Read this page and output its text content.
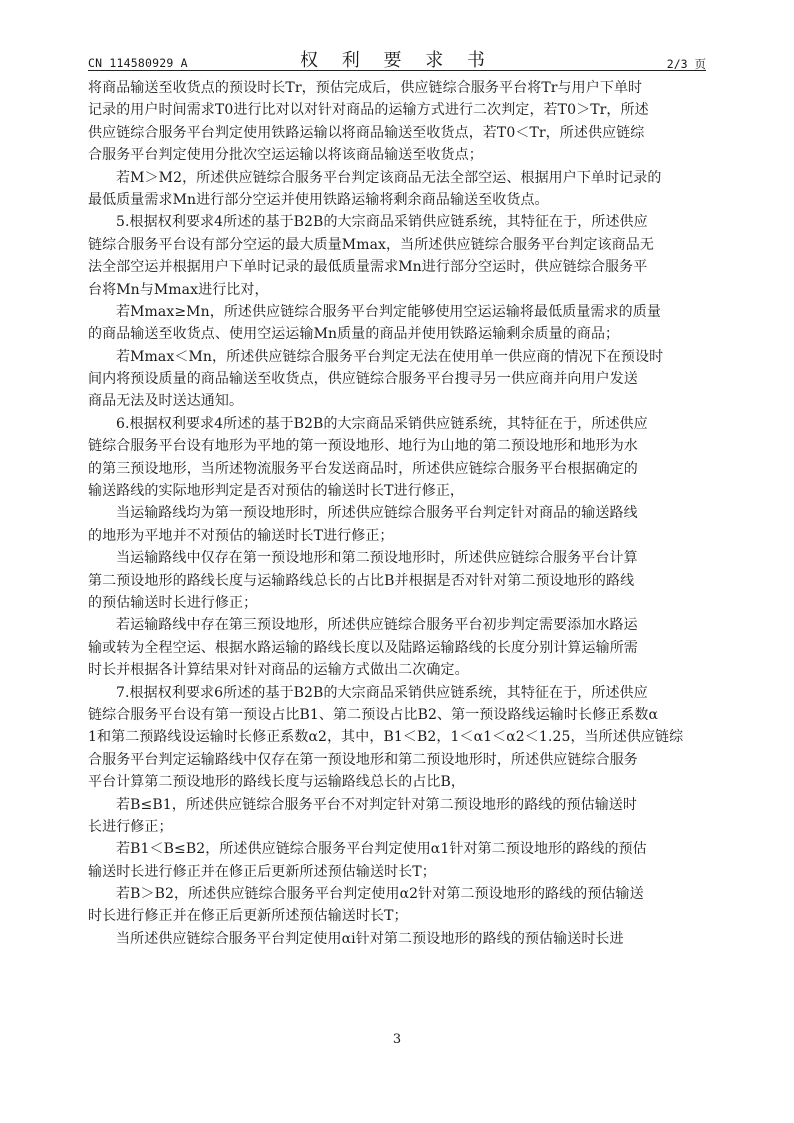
CN 114580929 A	权 利 要 求 书	2/3 页
将商品输送至收货点的预设时长Tr，预估完成后，供应链综合服务平台将Tr与用户下单时
记录的用户时间需求T0进行比对以对针对商品的运输方式进行二次判定，若T0＞Tr，所述
供应链综合服务平台判定使用铁路运输以将商品输送至收货点，若T0＜Tr，所述供应链综
合服务平台判定使用分批次空运运输以将该商品输送至收货点；
若M＞M2，所述供应链综合服务平台判定该商品无法全部空运、根据用户下单时记录的
最低质量需求Mn进行部分空运并使用铁路运输将剩余商品输送至收货点。
5.根据权利要求4所述的基于B2B的大宗商品采销供应链系统，其特征在于，所述供应
链综合服务平台设有部分空运的最大质量Mmax，当所述供应链综合服务平台判定该商品无
法全部空运并根据用户下单时记录的最低质量需求Mn进行部分空运时，供应链综合服务平
台将Mn与Mmax进行比对，
若Mmax≥Mn，所述供应链综合服务平台判定能够使用空运运输将最低质量需求的质量
的商品输送至收货点、使用空运运输Mn质量的商品并使用铁路运输剩余质量的商品；
若Mmax＜Mn，所述供应链综合服务平台判定无法在使用单一供应商的情况下在预设时
间内将预设质量的商品输送至收货点，供应链综合服务平台搜寻另一供应商并向用户发送
商品无法及时送达通知。
6.根据权利要求4所述的基于B2B的大宗商品采销供应链系统，其特征在于，所述供应
链综合服务平台设有地形为平地的第一预设地形、地行为山地的第二预设地形和地形为水
的第三预设地形，当所述物流服务平台发送商品时，所述供应链综合服务平台根据确定的
输送路线的实际地形判定是否对预估的输送时长T进行修正，
当运输路线均为第一预设地形时，所述供应链综合服务平台判定针对商品的输送路线
的地形为平地并不对预估的输送时长T进行修正；
当运输路线中仅存在第一预设地形和第二预设地形时，所述供应链综合服务平台计算
第二预设地形的路线长度与运输路线总长的占比B并根据是否对针对第二预设地形的路线
的预估输送时长进行修正；
若运输路线中存在第三预设地形，所述供应链综合服务平台初步判定需要添加水路运
输或转为全程空运、根据水路运输的路线长度以及陆路运输路线的长度分别计算运输所需
时长并根据各计算结果对针对商品的运输方式做出二次确定。
7.根据权利要求6所述的基于B2B的大宗商品采销供应链系统，其特征在于，所述供应
链综合服务平台设有第一预设占比B1、第二预设占比B2、第一预设路线运输时长修正系数α
1和第二预路线设运输时长修正系数α2，其中，B1＜B2，1＜α1＜α2＜1.25，当所述供应链综
合服务平台判定运输路线中仅存在第一预设地形和第二预设地形时，所述供应链综合服务
平台计算第二预设地形的路线长度与运输路线总长的占比B，
若B≤B1，所述供应链综合服务平台不对判定针对第二预设地形的路线的预估输送时
长进行修正；
若B1＜B≤B2，所述供应链综合服务平台判定使用α1针对第二预设地形的路线的预估
输送时长进行修正并在修正后更新所述预估输送时长T；
若B＞B2，所述供应链综合服务平台判定使用α2针对第二预设地形的路线的预估输送
时长进行修正并在修正后更新所述预估输送时长T；
当所述供应链综合服务平台判定使用αi针对第二预设地形的路线的预估输送时长进
3
